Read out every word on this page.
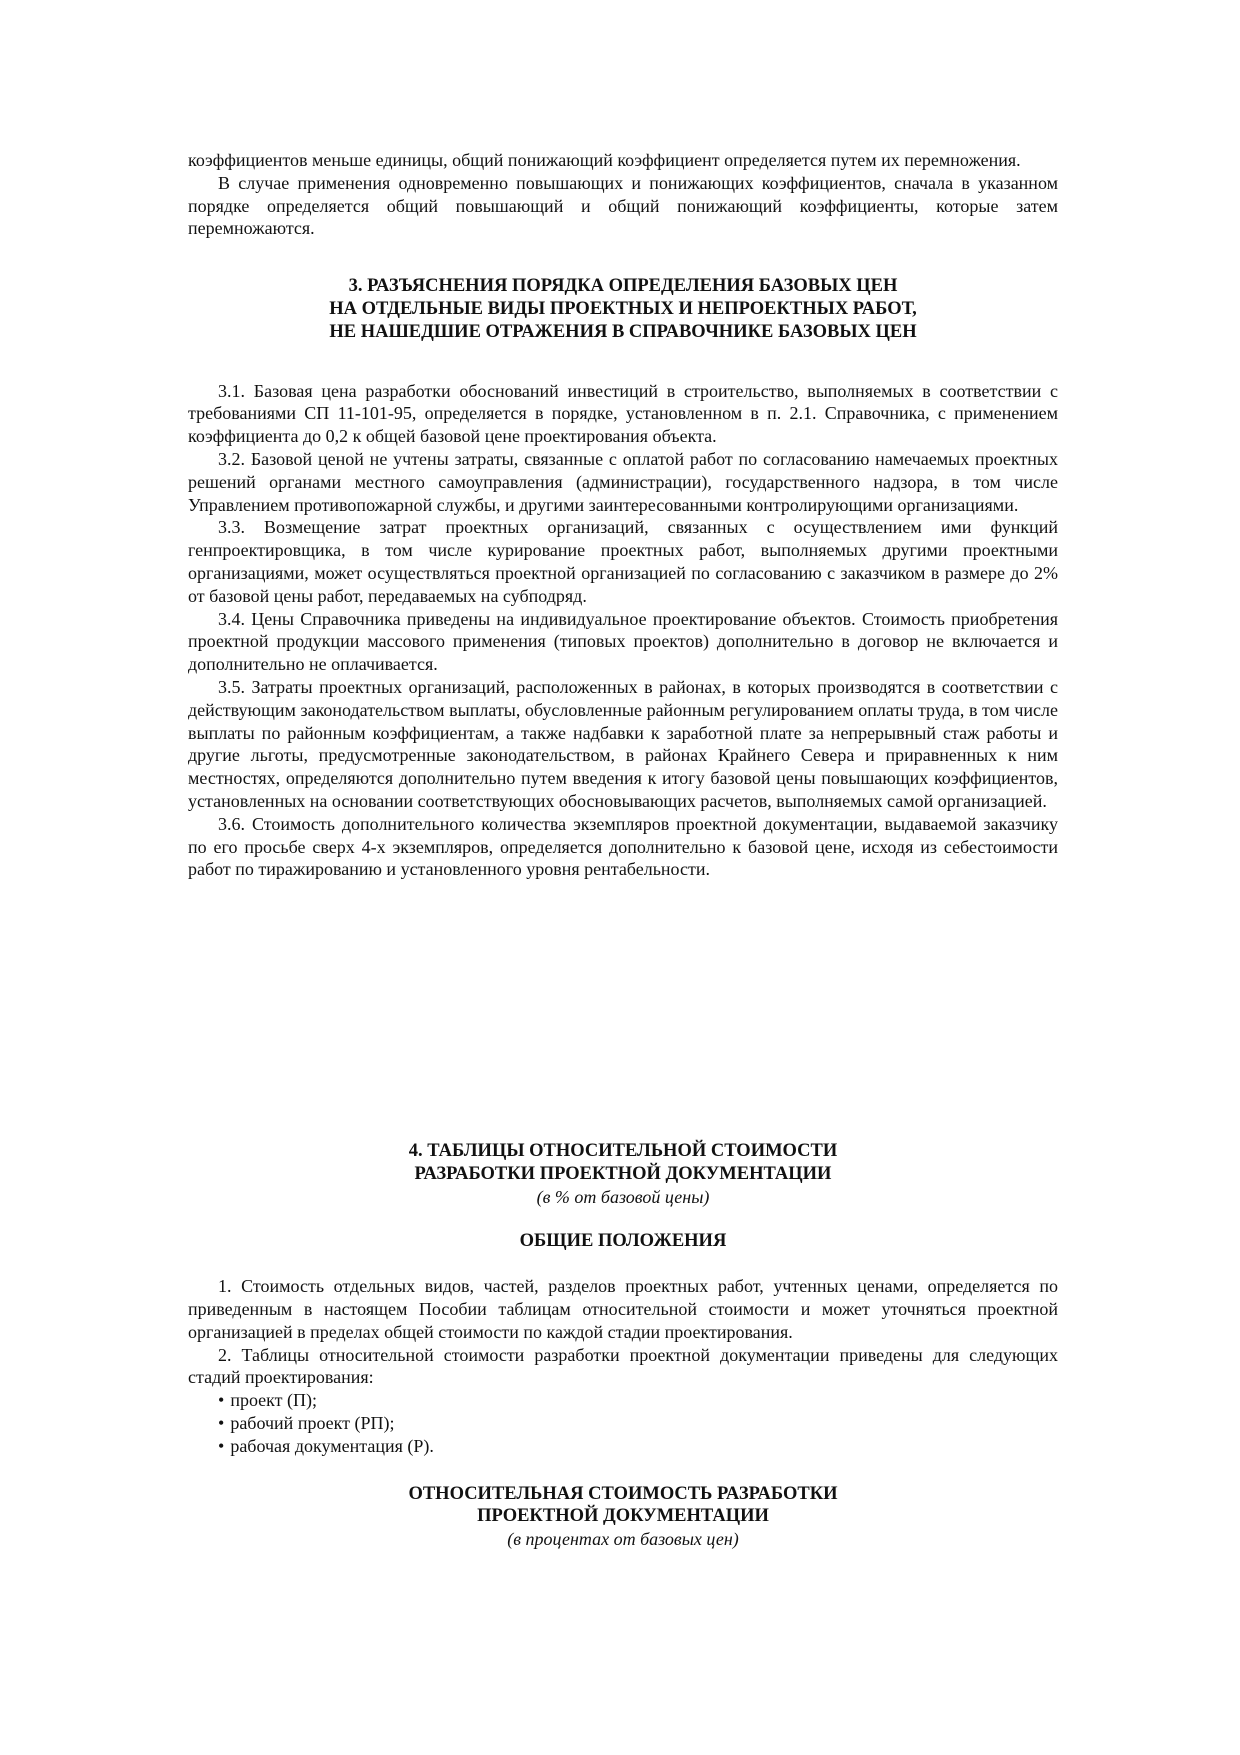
коэффициентов меньше единицы, общий понижающий коэффициент определяется путем их перемножения.

В случае применения одновременно повышающих и понижающих коэффициентов, сначала в указанном порядке определяется общий повышающий и общий понижающий коэффициенты, которые затем перемножаются.

3. РАЗЪЯСНЕНИЯ ПОРЯДКА ОПРЕДЕЛЕНИЯ БАЗОВЫХ ЦЕН
НА ОТДЕЛЬНЫЕ ВИДЫ ПРОЕКТНЫХ И НЕПРОЕКТНЫХ РАБОТ,
НЕ НАШЕДШИЕ ОТРАЖЕНИЯ В СПРАВОЧНИКЕ БАЗОВЫХ ЦЕН

3.1. Базовая цена разработки обоснований инвестиций в строительство, выполняемых в соответствии с требованиями СП 11-101-95, определяется в порядке, установленном в п. 2.1. Справочника, с применением коэффициента до 0,2 к общей базовой цене проектирования объекта.

3.2. Базовой ценой не учтены затраты, связанные с оплатой работ по согласованию намечаемых проектных решений органами местного самоуправления (администрации), государственного надзора, в том числе Управлением противопожарной службы, и другими заинтересованными контролирующими организациями.

3.3. Возмещение затрат проектных организаций, связанных с осуществлением ими функций генпроектировщика, в том числе курирование проектных работ, выполняемых другими проектными организациями, может осуществляться проектной организацией по согласованию с заказчиком в размере до 2% от базовой цены работ, передаваемых на субподряд.

3.4. Цены Справочника приведены на индивидуальное проектирование объектов. Стоимость приобретения проектной продукции массового применения (типовых проектов) дополнительно в договор не включается и дополнительно не оплачивается.

3.5. Затраты проектных организаций, расположенных в районах, в которых производятся в соответствии с действующим законодательством выплаты, обусловленные районным регулированием оплаты труда, в том числе выплаты по районным коэффициентам, а также надбавки к заработной плате за непрерывный стаж работы и другие льготы, предусмотренные законодательством, в районах Крайнего Севера и приравненных к ним местностях, определяются дополнительно путем введения к итогу базовой цены повышающих коэффициентов, установленных на основании соответствующих обосновывающих расчетов, выполняемых самой организацией.

3.6. Стоимость дополнительного количества экземпляров проектной документации, выдаваемой заказчику по его просьбе сверх 4-х экземпляров, определяется дополнительно к базовой цене, исходя из себестоимости работ по тиражированию и установленного уровня рентабельности.

4. ТАБЛИЦЫ ОТНОСИТЕЛЬНОЙ СТОИМОСТИ
РАЗРАБОТКИ ПРОЕКТНОЙ ДОКУМЕНТАЦИИ
(в % от базовой цены)
ОБЩИЕ ПОЛОЖЕНИЯ

1. Стоимость отдельных видов, частей, разделов проектных работ, учтенных ценами, определяется по приведенным в настоящем Пособии таблицам относительной стоимости и может уточняться проектной организацией в пределах общей стоимости по каждой стадии проектирования.

2. Таблицы относительной стоимости разработки проектной документации приведены для следующих стадий проектирования:

• проект (П);
• рабочий проект (РП);
• рабочая документация (Р).
ОТНОСИТЕЛЬНАЯ СТОИМОСТЬ РАЗРАБОТКИ
ПРОЕКТНОЙ ДОКУМЕНТАЦИИ
(в процентах от базовых цен)
